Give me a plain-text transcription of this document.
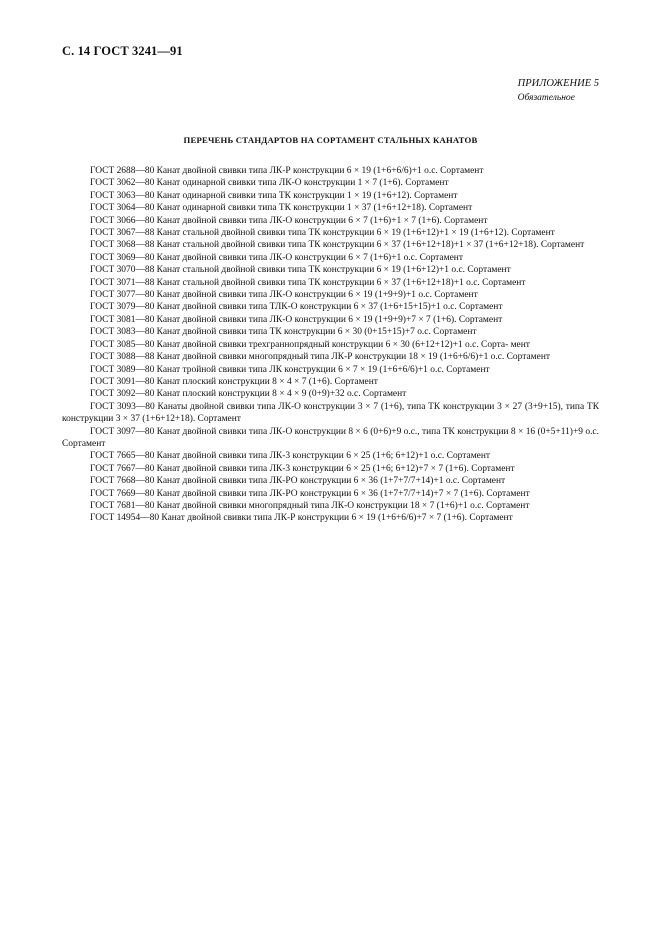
С. 14 ГОСТ 3241—91
ПРИЛОЖЕНИЕ 5
Обязательное
ПЕРЕЧЕНЬ СТАНДАРТОВ НА СОРТАМЕНТ СТАЛЬНЫХ КАНАТОВ
ГОСТ 2688—80 Канат двойной свивки типа ЛК-Р конструкции 6 × 19 (1+6+6/6)+1 о.с. Сортамент
ГОСТ 3062—80 Канат одинарной свивки типа ЛК-О конструкции 1 × 7 (1+6). Сортамент
ГОСТ 3063—80 Канат одинарной свивки типа ТК конструкции 1 × 19 (1+6+12). Сортамент
ГОСТ 3064—80 Канат одинарной свивки типа ТК конструкции 1 × 37 (1+6+12+18). Сортамент
ГОСТ 3066—80 Канат двойной свивки типа ЛК-О конструкции 6 × 7 (1+6)+1 × 7 (1+6). Сортамент
ГОСТ 3067—88 Канат стальной двойной свивки типа ТК конструкции 6 × 19 (1+6+12)+1 × 19 (1+6+12). Сортамент
ГОСТ 3068—88 Канат стальной двойной свивки типа ТК конструкции 6 × 37 (1+6+12+18)+1 × 37 (1+6+12+18). Сортамент
ГОСТ 3069—80 Канат двойной свивки типа ЛК-О конструкции 6 × 7 (1+6)+1 о.с. Сортамент
ГОСТ 3070—88 Канат стальной двойной свивки типа ТК конструкции 6 × 19 (1+6+12)+1 о.с. Сортамент
ГОСТ 3071—88 Канат стальной двойной свивки типа ТК конструкции 6 × 37 (1+6+12+18)+1 о.с. Сортамент
ГОСТ 3077—80 Канат двойной свивки типа ЛК-О конструкции 6 × 19 (1+9+9)+1 о.с. Сортамент
ГОСТ 3079—80 Канат двойной свивки типа ТЛК-О конструкции 6 × 37 (1+6+15+15)+1 о.с. Сортамент
ГОСТ 3081—80 Канат двойной свивки типа ЛК-О конструкции 6 × 19 (1+9+9)+7 × 7 (1+6). Сортамент
ГОСТ 3083—80 Канат двойной свивки типа ТК конструкции 6 × 30 (0+15+15)+7 о.с. Сортамент
ГОСТ 3085—80 Канат двойной свивки трехграннопрядный конструкции 6 × 30 (6+12+12)+1 о.с. Сорта- мент
ГОСТ 3088—88 Канат двойной свивки многопрядный типа ЛК-Р конструкции 18 × 19 (1+6+6/6)+1 о.с. Сортамент
ГОСТ 3089—80 Канат тройной свивки типа ЛК конструкции 6 × 7 × 19 (1+6+6/6)+1 о.с. Сортамент
ГОСТ 3091—80 Канат плоский конструкции 8 × 4 × 7 (1+6). Сортамент
ГОСТ 3092—80 Канат плоский конструкции 8 × 4 × 9 (0+9)+32 о.с. Сортамент
ГОСТ 3093—80 Канаты двойной свивки типа ЛК-О конструкции 3 × 7 (1+6), типа ТК конструкции 3 × 27 (3+9+15), типа ТК конструкции 3 × 37 (1+6+12+18). Сортамент
ГОСТ 3097—80 Канат двойной свивки типа ЛК-О конструкции 8 × 6 (0+6)+9 о.с., типа ТК конструкции 8 × 16 (0+5+11)+9 о.с. Сортамент
ГОСТ 7665—80 Канат двойной свивки типа ЛК-3 конструкции 6 × 25 (1+6; 6+12)+1 о.с. Сортамент
ГОСТ 7667—80 Канат двойной свивки типа ЛК-3 конструкции 6 × 25 (1+6; 6+12)+7 × 7 (1+6). Сортамент
ГОСТ 7668—80 Канат двойной свивки типа ЛК-РО конструкции 6 × 36 (1+7+7/7+14)+1 о.с. Сортамент
ГОСТ 7669—80 Канат двойной свивки типа ЛК-РО конструкции 6 × 36 (1+7+7/7+14)+7 × 7 (1+6). Сортамент
ГОСТ 7681—80 Канат двойной свивки многопрядный типа ЛК-О конструкции 18 × 7 (1+6)+1 о.с. Сортамент
ГОСТ 14954—80 Канат двойной свивки типа ЛК-Р конструкции 6 × 19 (1+6+6/6)+7 × 7 (1+6). Сортамент
